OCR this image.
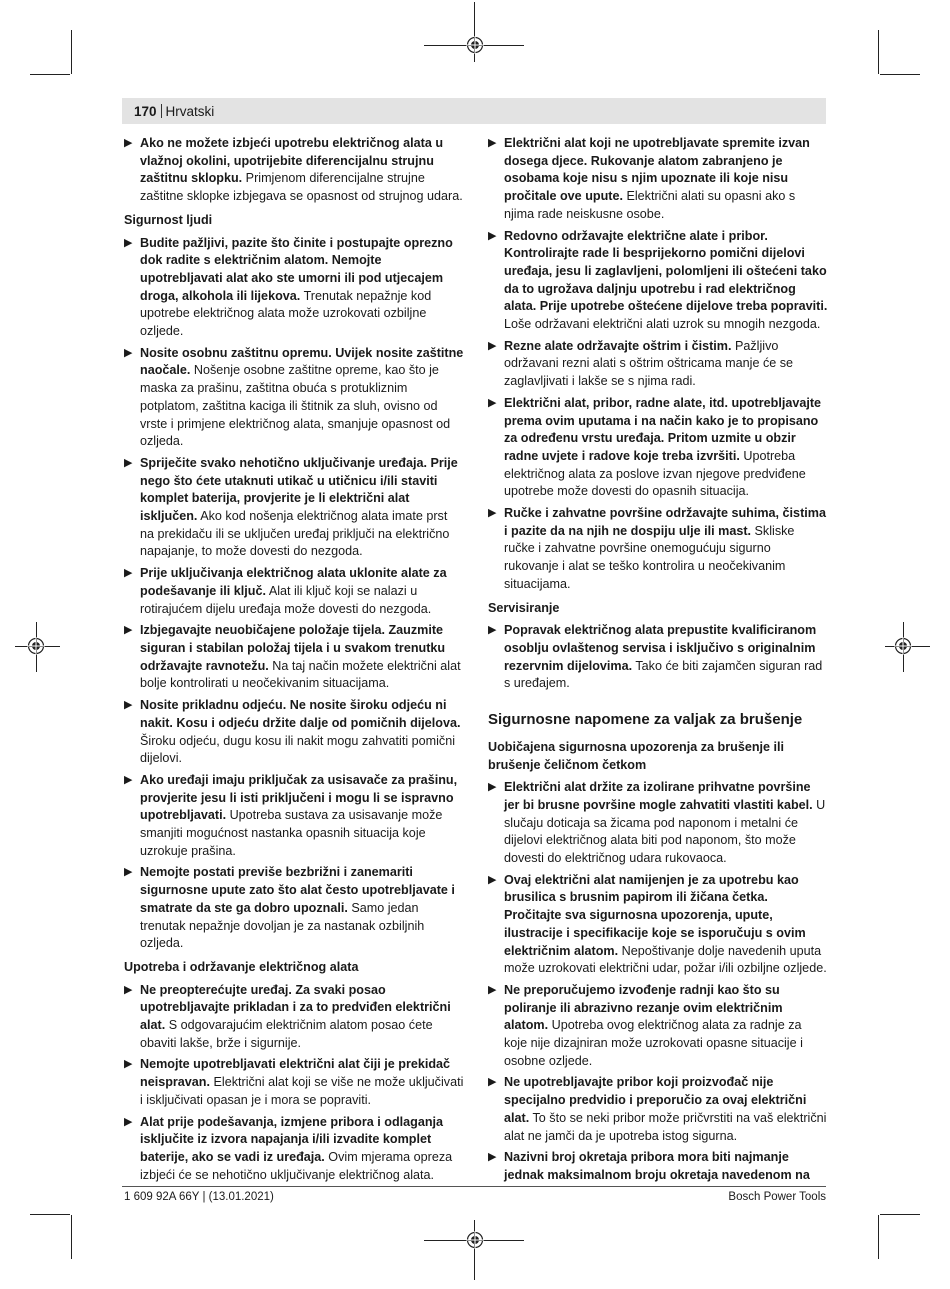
170 Hrvatski
▶ Ako ne možete izbjeći upotrebu električnog alata u vlažnoj okolini, upotrijebite diferencijalnu strujnu zaštitnu sklopku. Primjenom diferencijalne strujne zaštitne sklopke izbjegava se opasnost od strujnog udara.
Sigurnost ljudi
▶ Budite pažljivi, pazite što činite i postupajte oprezno dok radite s električnim alatom. Nemojte upotrebljavati alat ako ste umorni ili pod utjecajem droga, alkohola ili lijekova. Trenutak nepažnje kod upotrebe električnog alata može uzrokovati ozbiljne ozljede.
▶ Nosite osobnu zaštitnu opremu. Uvijek nosite zaštitne naočale. Nošenje osobne zaštitne opreme, kao što je maska za prašinu, zaštitna obuća s protukliznim potplatom, zaštitna kaciga ili štitnik za sluh, ovisno od vrste i primjene električnog alata, smanjuje opasnost od ozljeda.
▶ Spriječite svako nehotično uključivanje uređaja. Prije nego što ćete utaknuti utikač u utičnicu i/ili staviti komplet baterija, provjerite je li električni alat isključen. Ako kod nošenja električnog alata imate prst na prekidaču ili se uključen uređaj priključi na električno napajanje, to može dovesti do nezgoda.
▶ Prije uključivanja električnog alata uklonite alate za podešavanje ili ključ. Alat ili ključ koji se nalazi u rotirajućem dijelu uređaja može dovesti do nezgoda.
▶ Izbjegavajte neuobičajene položaje tijela. Zauzmite siguran i stabilan položaj tijela i u svakom trenutku održavajte ravnotežu. Na taj način možete električni alat bolje kontrolirati u neočekivanim situacijama.
▶ Nosite prikladnu odjeću. Ne nosite široku odjeću ni nakit. Kosu i odjeću držite dalje od pomičnih dijelova. Široku odjeću, dugu kosu ili nakit mogu zahvatiti pomični dijelovi.
▶ Ako uređaji imaju priključak za usisavače za prašinu, provjerite jesu li isti priključeni i mogu li se ispravno upotrebljavati. Upotreba sustava za usisavanje može smanjiti mogućnost nastanka opasnih situacija koje uzrokuje prašina.
▶ Nemojte postati previše bezbrižni i zanemariti sigurnosne upute zato što alat često upotrebljavate i smatrate da ste ga dobro upoznali. Samo jedan trenutak nepažnje dovoljan je za nastanak ozbiljnih ozljeda.
Upotreba i održavanje električnog alata
▶ Ne preopterećujte uređaj. Za svaki posao upotrebljavajte prikladan i za to predviđen električni alat. S odgovarajućim električnim alatom posao ćete obaviti lakše, brže i sigurnije.
▶ Nemojte upotrebljavati električni alat čiji je prekidač neispravan. Električni alat koji se više ne može uključivati i isključivati opasan je i mora se popraviti.
▶ Alat prije podešavanja, izmjene pribora i odlaganja isključite iz izvora napajanja i/ili izvadite komplet baterije, ako se vadi iz uređaja. Ovim mjerama opreza izbjeći će se nehotično uključivanje električnog alata.
▶ Električni alat koji ne upotrebljavate spremite izvan dosega djece. Rukovanje alatom zabranjeno je osobama koje nisu s njim upoznate ili koje nisu pročitale ove upute. Električni alati su opasni ako s njima rade neiskusne osobe.
▶ Redovno održavajte električne alate i pribor. Kontrolirajte rade li besprijekorno pomični dijelovi uređaja, jesu li zaglavljeni, polomljeni ili oštećeni tako da to ugrožava daljnju upotrebu i rad električnog alata. Prije upotrebe oštećene dijelove treba popraviti. Loše održavani električni alati uzrok su mnogih nezgoda.
▶ Rezne alate održavajte oštrim i čistim. Pažljivo održavani rezni alati s oštrim oštricama manje će se zaglavljivati i lakše se s njima radi.
▶ Električni alat, pribor, radne alate, itd. upotrebljavajte prema ovim uputama i na način kako je to propisano za određenu vrstu uređaja. Pritom uzmite u obzir radne uvjete i radove koje treba izvršiti. Upotreba električnog alata za poslove izvan njegove predviđene upotrebe može dovesti do opasnih situacija.
▶ Ručke i zahvatne površine održavajte suhima, čistima i pazite da na njih ne dospiju ulje ili mast. Skliske ručke i zahvatne površine onemogućuju sigurno rukovanje i alat se teško kontrolira u neočekivanim situacijama.
Servisiranje
▶ Popravak električnog alata prepustite kvalificiranom osoblju ovlaštenog servisa i isključivo s originalnim rezervnim dijelovima. Tako će biti zajamčen siguran rad s uređajem.
Sigurnosne napomene za valjak za brušenje
Uobičajena sigurnosna upozorenja za brušenje ili brušenje čeličnom četkom
▶ Električni alat držite za izolirane prihvatne površine jer bi brusne površine mogle zahvatiti vlastiti kabel. U slučaju doticaja sa žicama pod naponom i metalni će dijelovi električnog alata biti pod naponom, što može dovesti do električnog udara rukovaoca.
▶ Ovaj električni alat namijenjen je za upotrebu kao brusilica s brusnim papirom ili žičana četka. Pročitajte sva sigurnosna upozorenja, upute, ilustracije i specifikacije koje se isporučuju s ovim električnim alatom. Nepoštivanje dolje navedenih uputa može uzrokovati električni udar, požar i/ili ozbiljne ozljede.
▶ Ne preporučujemo izvođenje radnji kao što su poliranje ili abrazivno rezanje ovim električnim alatom. Upotreba ovog električnog alata za radnje za koje nije dizajniran može uzrokovati opasne situacije i osobne ozljede.
▶ Ne upotrebljavajte pribor koji proizvođač nije specijalno predvidio i preporučio za ovaj električni alat. To što se neki pribor može pričvrstiti na vaš električni alat ne jamči da je upotreba istog sigurna.
▶ Nazivni broj okretaja pribora mora biti najmanje jednak maksimalnom broju okretaja navedenom na
1 609 92A 66Y | (13.01.2021)	Bosch Power Tools
